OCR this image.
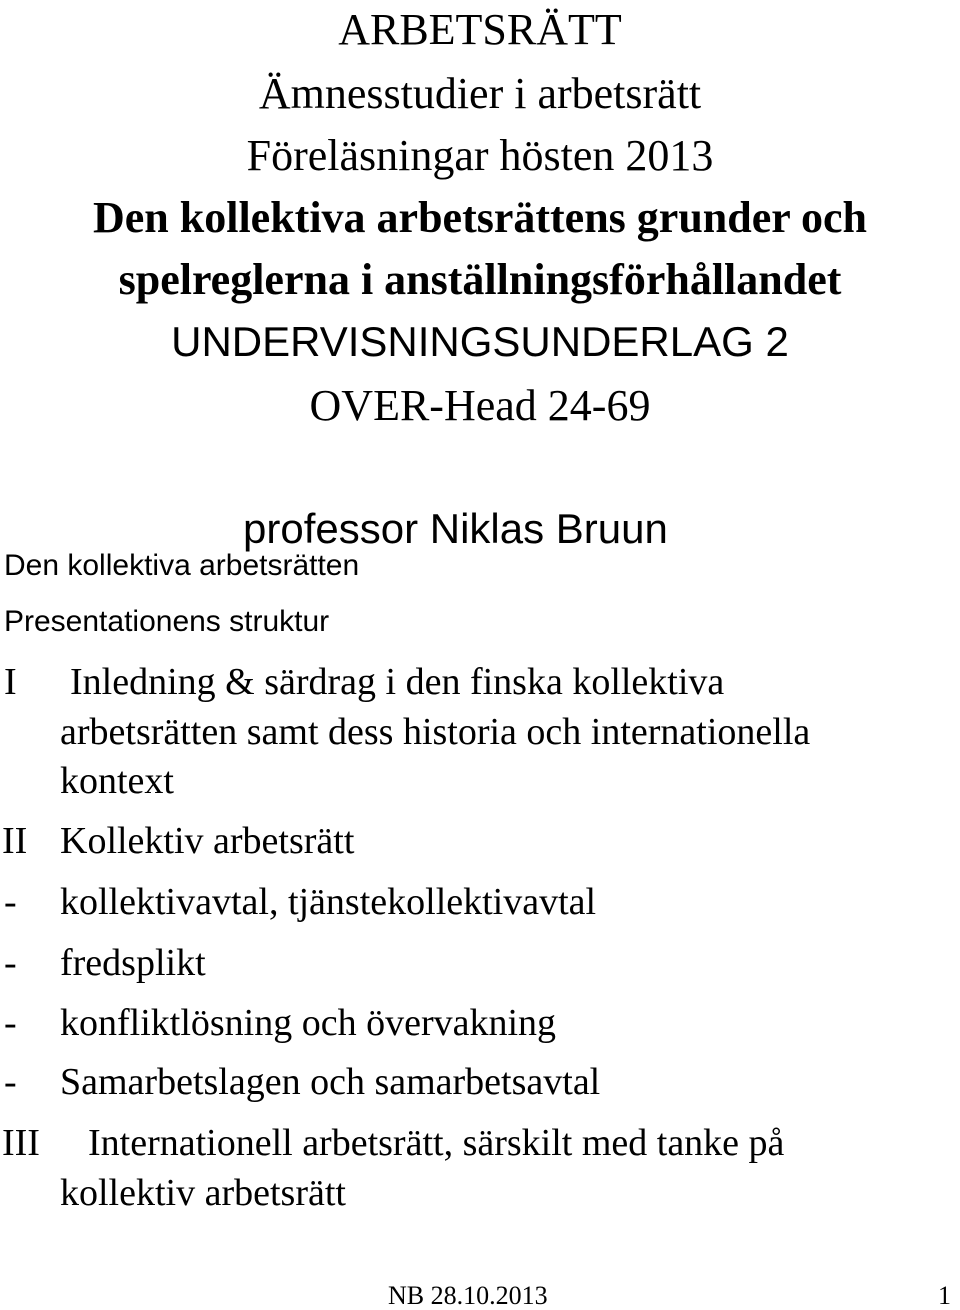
ARBETSRÄTT
Ämnesstudier i arbetsrätt
Föreläsningar hösten 2013
Den kollektiva arbetsrättens grunder och
spelreglerna i anställningsförhållandet
UNDERVISNINGSUNDERLAG 2
OVER-Head 24-69
professor Niklas Bruun
Den kollektiva arbetsrätten
Presentationens struktur
I Inledning & särdrag i den finska kollektiva
arbetsrätten samt dess historia och internationella
kontext
II Kollektiv arbetsrätt
- kollektivavtal, tjänstekollektivavtal
- fredsplikt
- konfliktlösning och övervakning
- Samarbetslagen och samarbetsavtal
III Internationell arbetsrätt, särskilt med tanke på
kollektiv arbetsrätt
NB 28.10.2013	1
